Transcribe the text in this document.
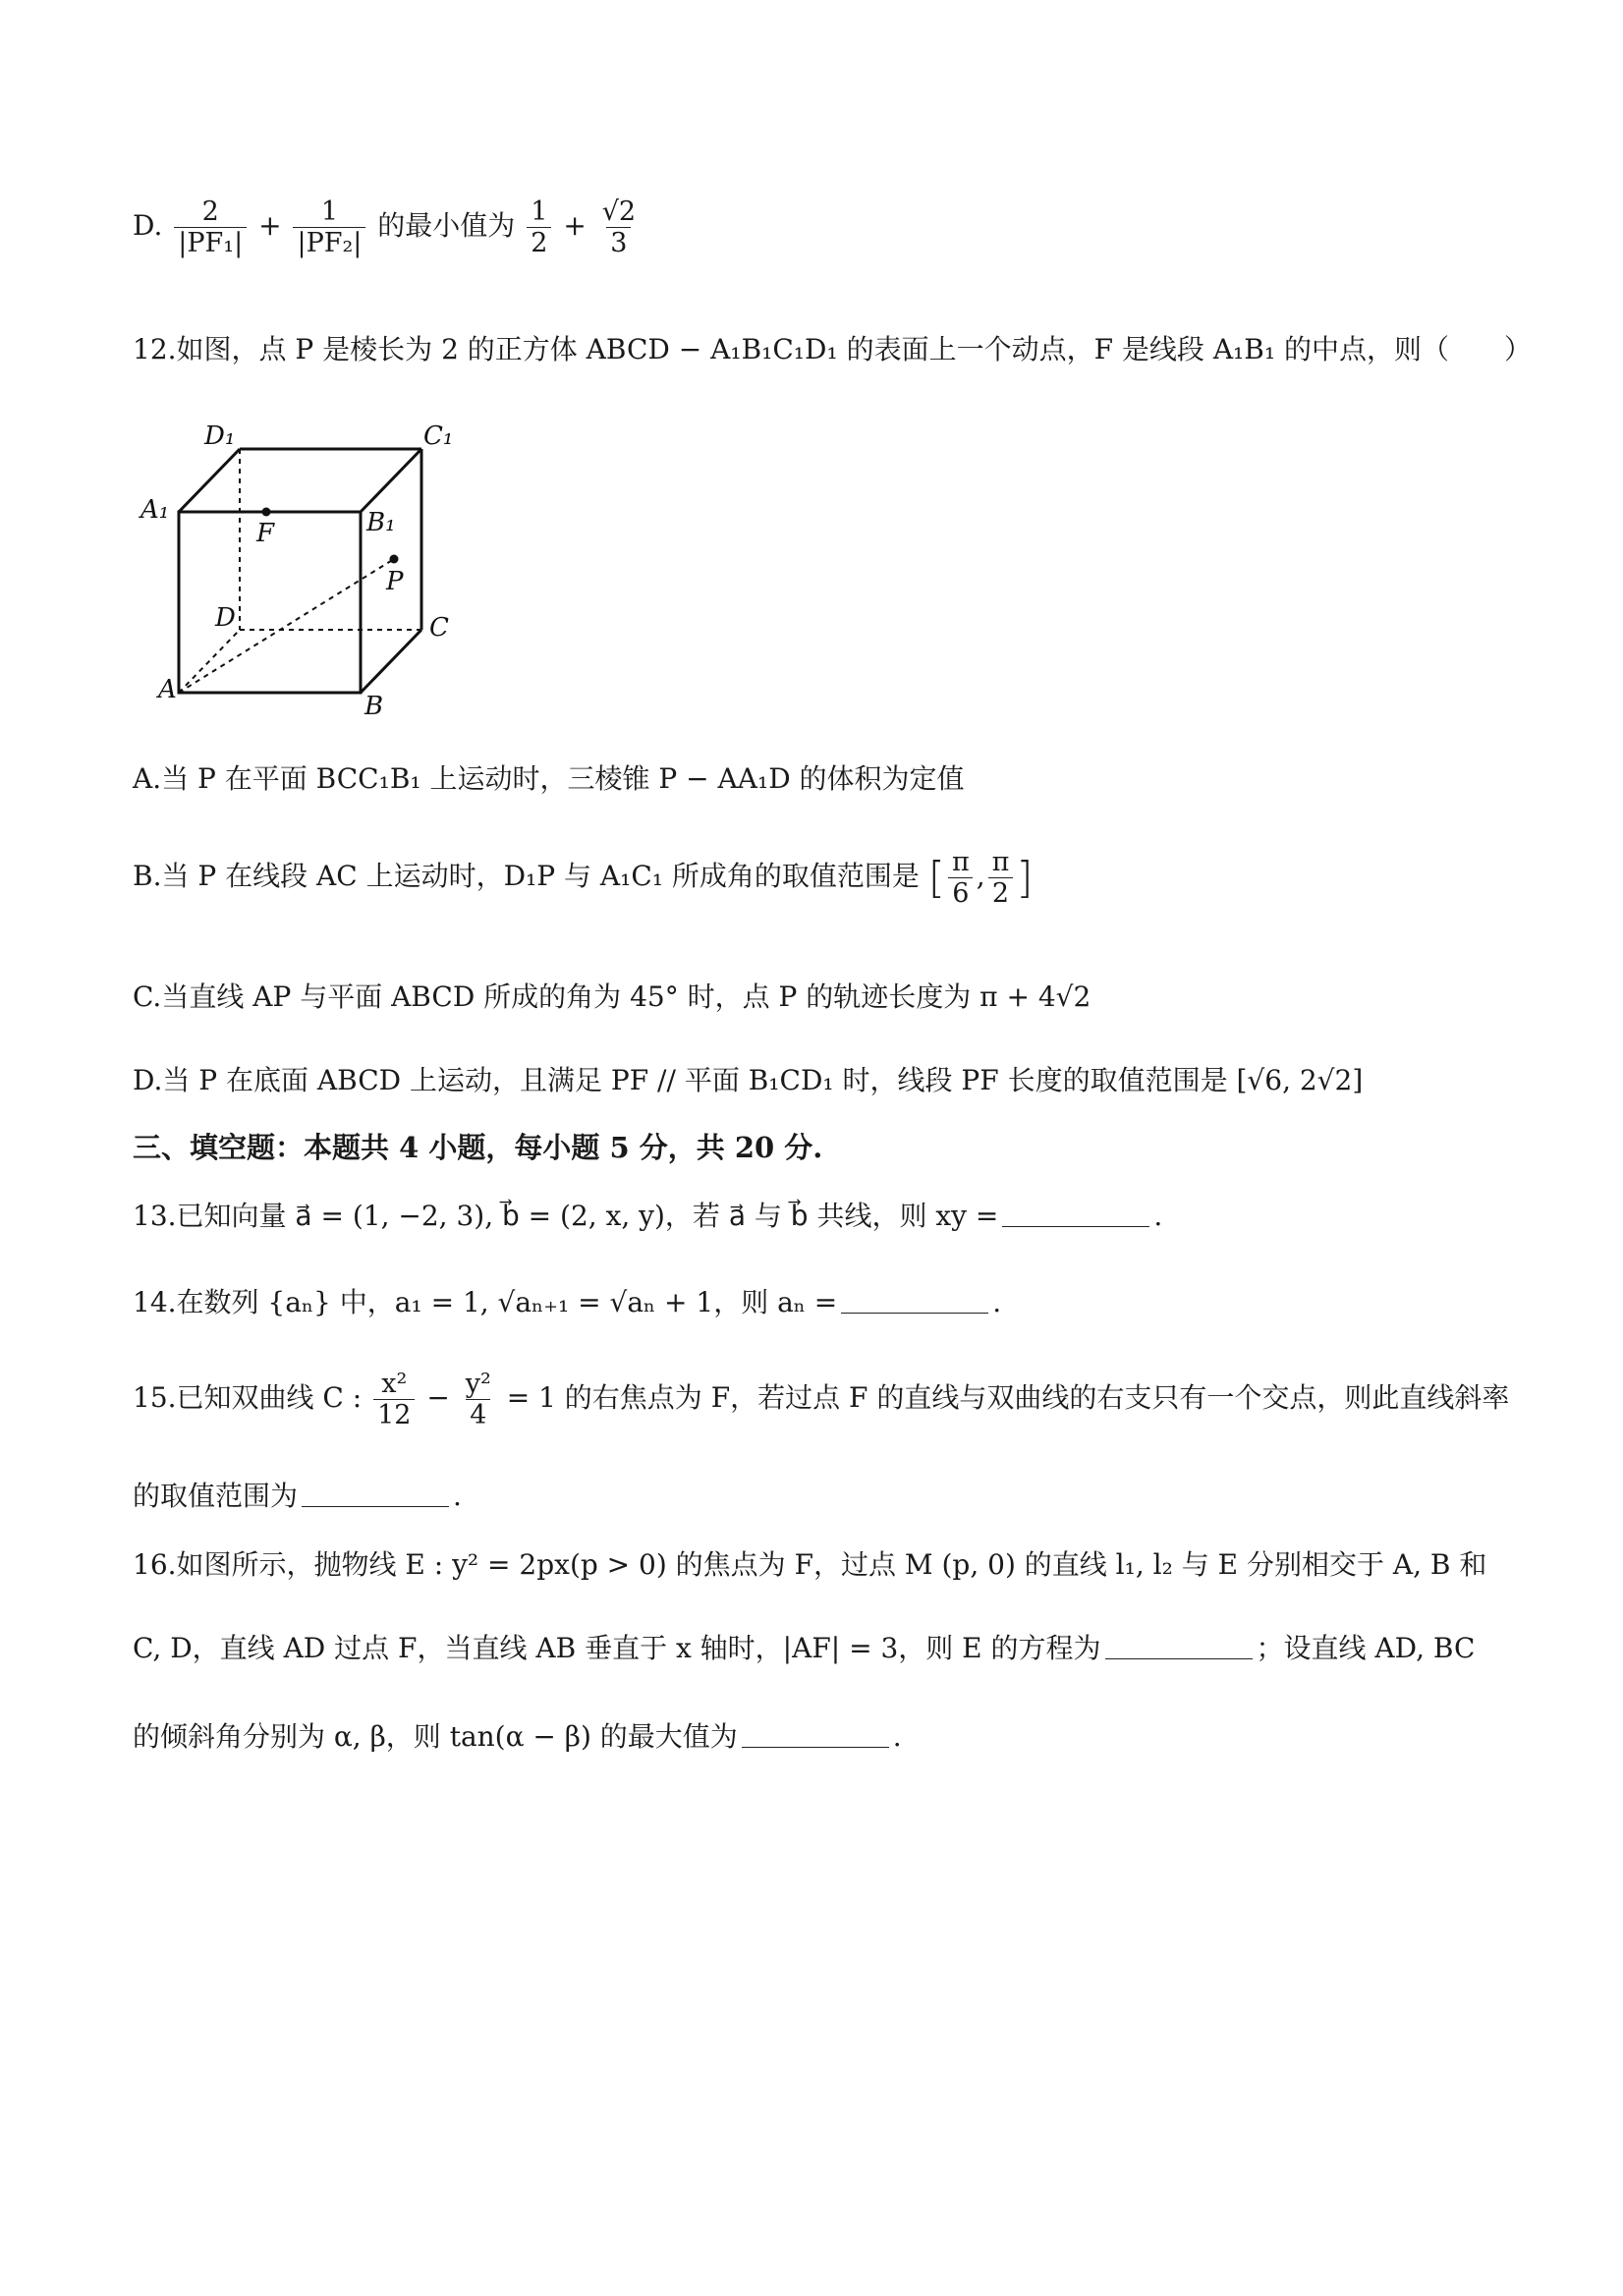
D. $\frac{2}{\text{|PF₁|}} + \frac{1}{\text{|PF₂|}}$ 的最小值为 $\frac{1}{2} + \frac{√2}{3}$
12.如图，点 P 是棱长为 2 的正方体 ABCD − A₁B₁C₁D₁ 的表面上一个动点，F 是线段 A₁B₁ 的中点，则（　　）
D₁	C₁
A₁	B₁
F
P
D	C
A
B
A.当 P 在平面 BCC₁B₁ 上运动时，三棱锥 P − AA₁D 的体积为定值
B.当 P 在线段 AC 上运动时，D₁P 与 A₁C₁ 所成角的取值范围是 [ $\frac{\pi}{6}$ , $\frac{\pi}{2}$ ]
C.当直线 AP 与平面 ABCD 所成的角为 45° 时，点 P 的轨迹长度为 π + 4√2
D.当 P 在底面 ABCD 上运动，且满足 PF // 平面 B₁CD₁ 时，线段 PF 长度的取值范围是 [√6, 2√2]
三、填空题：本题共 4 小题，每小题 5 分，共 20 分.
13.已知向量 a⃗ = (1, −2, 3), b⃗ = (2, x, y)，若 a⃗ 与 b⃗ 共线，则 xy =	.
14.在数列 {aₙ} 中，a₁ = 1, √aₙ₊₁ = √aₙ + 1，则 aₙ =	.
15.已知双曲线 C : $\frac{\text{x²}}{12} - \frac{\text{y²}}{4} = 1$ 的右焦点为 F，若过点 F 的直线与双曲线的右支只有一个交点，则此直线斜率
的取值范围为	.
16.如图所示，抛物线 E : y² = 2px(p > 0) 的焦点为 F，过点 M (p, 0) 的直线 l₁, l₂ 与 E 分别相交于 A, B 和
C, D，直线 AD 过点 F，当直线 AB 垂直于 x 轴时，|AF| = 3，则 E 的方程为	；设直线 AD, BC
的倾斜角分别为 α, β，则 tan(α − β) 的最大值为	.
